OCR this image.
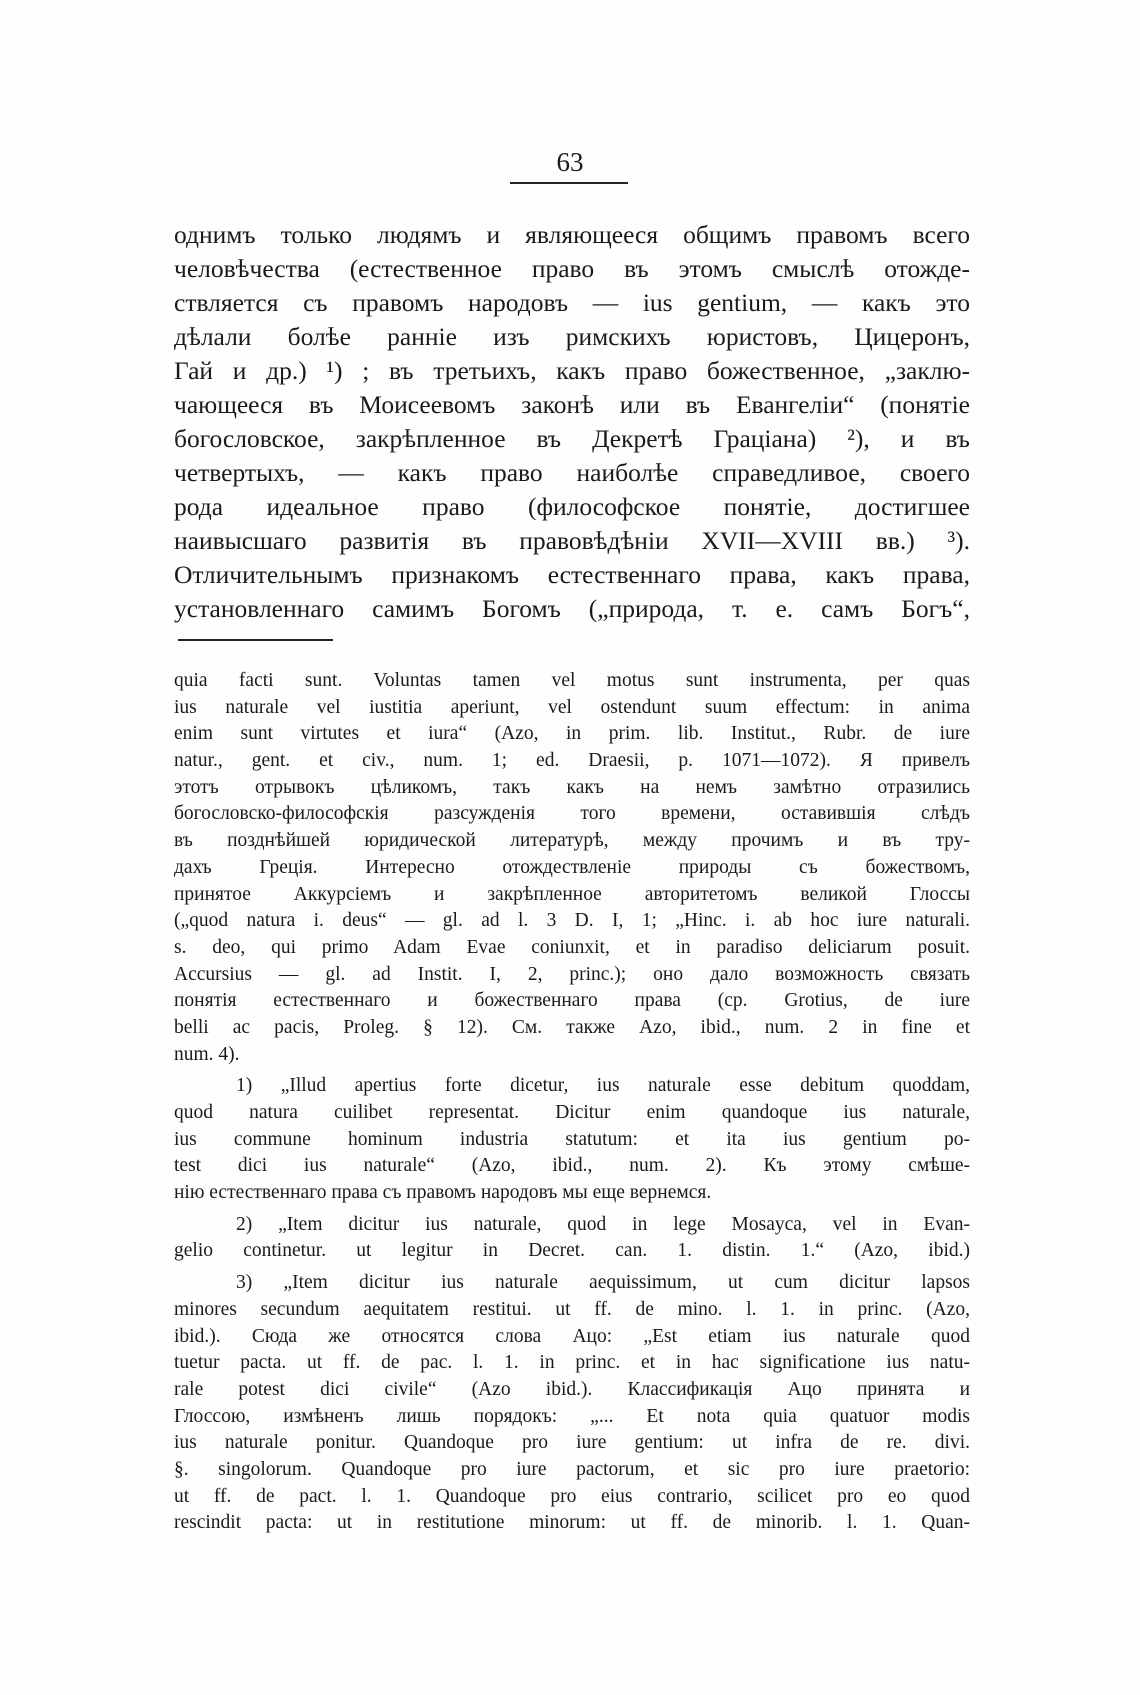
63
однимъ только людямъ и являющееся общимъ правомъ всего
человѣчества (естественное право въ этомъ смыслѣ отожде-
ствляется съ правомъ народовъ — ius gentium, — какъ это
дѣлали болѣе раннiе изъ римскихъ юристовъ, Цицеронъ,
Гай и др.) ¹) ; въ третьихъ, какъ право божественное, „заклю-
чающееся въ Моисеевомъ законѣ или въ Евангелiи“ (понятiе
богословское, закрѣпленное въ Декретѣ Грацiана) ²), и въ
четвертыхъ, — какъ право наиболѣе справедливое, своего
рода идеальное право (философское понятiе, достигшее
наивысшаго развитiя въ правовѣдѣнiи XVII—XVIII вв.) ³).
Отличительнымъ признакомъ естественнаго права, какъ права,
установленнаго самимъ Богомъ („природа, т. е. самъ Богъ“,
quia facti sunt. Voluntas tamen vel motus sunt instrumenta, per quas
ius naturale vel iustitia aperiunt, vel ostendunt suum effectum: in anima
enim sunt virtutes et iura“ (Azo, in prim. lib. Institut., Rubr. de iure
natur., gent. et civ., num. 1; ed. Draesii, p. 1071—1072). Я привелъ
этотъ отрывокъ цѣликомъ, такъ какъ на немъ замѣтно отразились
богословско-философскiя разсужденiя того времени, оставившiя слѣдъ
въ позднѣйшей юридической литературѣ, между прочимъ и въ тру-
дахъ Грецiя. Интересно отождествленiе природы съ божествомъ,
принятое Аккурсiемъ и закрѣпленное авторитетомъ великой Глоссы
(„quod natura i. deus“ — gl. ad l. 3 D. I, 1; „Hinc. i. ab hoc iure naturali.
s. deo, qui primo Adam Evae coniunxit, et in paradiso deliciarum posuit.
Accursius — gl. ad Instit. I, 2, princ.); оно дало возможность связать
понятiя естественнаго и божественнаго права (cp. Grotius, de iure
belli ac pacis, Proleg. § 12). См. также Azo, ibid., num. 2 in fine et
num. 4).
1) „Illud apertius forte dicetur, ius naturale esse debitum quoddam,
quod natura cuilibet representat. Dicitur enim quandoque ius naturale,
ius commune hominum industria statutum: et ita ius gentium po-
test dici ius naturale“ (Azo, ibid., num. 2). Къ этому смѣше-
нiю естественнаго права съ правомъ народовъ мы еще вернемся.
2) „Item dicitur ius naturale, quod in lege Mosayca, vel in Evan-
gelio continetur. ut legitur in Decret. can. 1. distin. 1.“ (Azo, ibid.)
3) „Item dicitur ius naturale aequissimum, ut cum dicitur lapsos
minores secundum aequitatem restitui. ut ff. de mino. l. 1. in princ. (Azo,
ibid.). Сюда же относятся слова Ацо: „Est etiam ius naturale quod
tuetur pacta. ut ff. de pac. l. 1. in princ. et in hac significatione ius natu-
rale potest dici civile“ (Azo ibid.). Классификацiя Ацо принята и
Глоссою, измѣненъ лишь порядокъ: „... Et nota quia quatuor modis
ius naturale ponitur. Quandoque pro iure gentium: ut infra de re. divi.
§. singolorum. Quandoque pro iure pactorum, et sic pro iure praetorio:
ut ff. de pact. l. 1. Quandoque pro eius contrario, scilicet pro eo quod
rescindit pacta: ut in restitutione minorum: ut ff. de minorib. l. 1. Quan-
